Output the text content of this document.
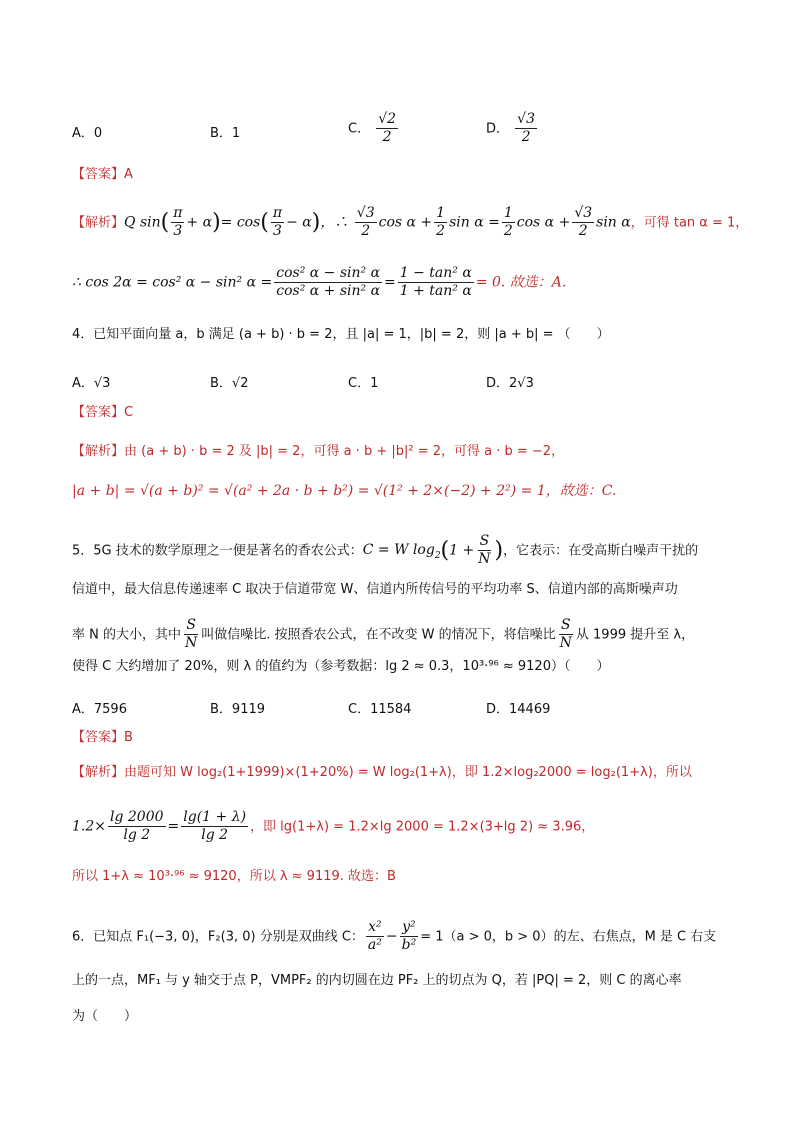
A．0	B．1	C． $\frac{√2}{2}$	D． $\frac{√3}{2}$
【答案】A
【解析】Q $\sin( \frac{\pi}{3} + \alpha)= \cos( \frac{\pi}{3} - \alpha)$，∴ $\frac{√3}{2}$ $\cos \alpha + \frac{1}{2}$ $\sin \alpha = \frac{1}{2}$ $\cos \alpha + \frac{√3}{2}$ sin α，可得 tan α = 1，
∴ cos 2α = cos² α − sin² $\alpha = \frac{\text{cos² α − sin² α}}{\text{cos² α + sin² α}} = \frac{\text{1 − tan² α}}{\text{1 + tan² α}} = 0$. 故选：A.
4．已知平面向量 a，b 满足 (a + b) · b = 2，且 |a| = 1，|b| = 2，则 |a + b| = （　　）
A．√3	B．√2	C．1	D．2√3
【答案】C
【解析】由 (a + b) · b = 2 及 |b| = 2，可得 a · b + |b|² = 2，可得 a · b = −2，
|a + b| = √(a + b)² = √(a² + 2a · b + b²) = √(1² + 2×(−2) + 2²) = 1，故选：C.
5．5G 技术的数学原理之一便是著名的香农公式：C = W $\log_2(1 + \frac{S}{N}$ )，它表示：在受高斯白噪声干扰的
信道中，最大信息传递速率 C 取决于信道带宽 W、信道内所传信号的平均功率 S、信道内部的高斯噪声功
率 N 的大小，其中 $\frac{S}{N}$ 叫做信噪比. 按照香农公式，在不改变 W 的情况下，将信噪比 $\frac{S}{N}$ 从 1999 提升至 λ，
使得 C 大约增加了 20%，则 λ 的值约为（参考数据：lg 2 ≈ 0.3，10³·⁹⁶ ≈ 9120）（　　）
A．7596	B．9119	C．11584	D．14469
【答案】B
【解析】由题可知 W log₂(1+1999)×(1+20%) = W log₂(1+λ)，即 1.2×log₂2000 = log₂(1+λ)，所以
$1.2\times \frac{\lg 2000}{\lg 2} = \frac{\lg(1 + \lambda)}{\lg 2}$ ，即 lg(1+λ) = 1.2×lg 2000 = 1.2×(3+lg 2) ≈ 3.96，
所以 1+λ ≈ 10³·⁹⁶ ≈ 9120，所以 λ ≈ 9119. 故选：B
6．已知点 F₁(−3, 0)，F₂(3, 0) 分别是双曲线 C： $\frac{\text{x²}}{\text{a²}} - \frac{\text{y²}}{\text{b²}} = 1(a > 0$，b > 0）的左、右焦点，M 是 C 右支
上的一点，MF₁ 与 y 轴交于点 P，VMPF₂ 的内切圆在边 PF₂ 上的切点为 Q，若 |PQ| = 2，则 C 的离心率
为（　　）
